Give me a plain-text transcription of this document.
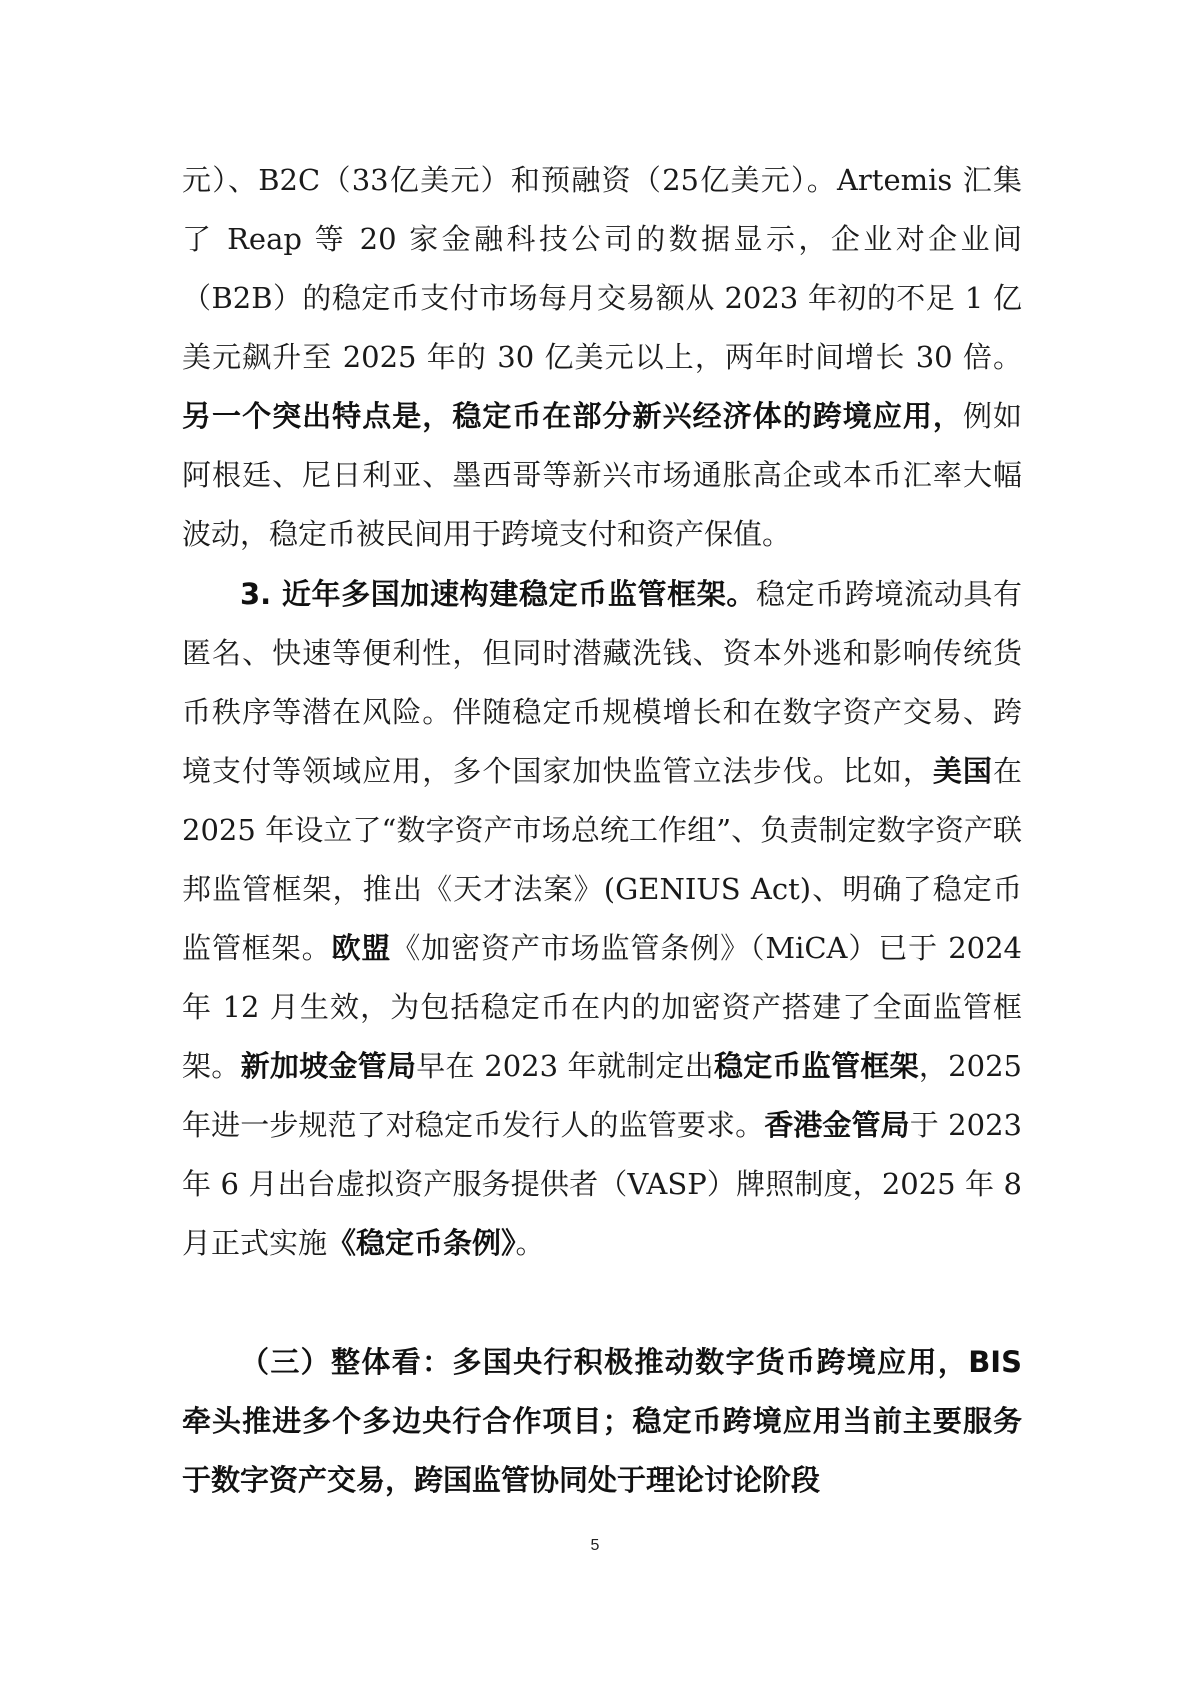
元）、B2C（33亿美元）和预融资（25亿美元）。Artemis 汇集了 Reap 等 20 家金融科技公司的数据显示，企业对企业间（B2B）的稳定币支付市场每月交易额从 2023 年初的不足 1 亿美元飙升至 2025 年的 30 亿美元以上，两年时间增长 30 倍。另一个突出特点是，稳定币在部分新兴经济体的跨境应用，例如阿根廷、尼日利亚、墨西哥等新兴市场通胀高企或本币汇率大幅波动，稳定币被民间用于跨境支付和资产保值。

3. 近年多国加速构建稳定币监管框架。稳定币跨境流动具有匿名、快速等便利性，但同时潜藏洗钱、资本外逃和影响传统货币秩序等潜在风险。伴随稳定币规模增长和在数字资产交易、跨境支付等领域应用，多个国家加快监管立法步伐。比如，美国在 2025 年设立了“数字资产市场总统工作组”、负责制定数字资产联邦监管框架，推出《天才法案》(GENIUS Act)、明确了稳定币监管框架。欧盟《加密资产市场监管条例》（MiCA）已于 2024 年 12 月生效，为包括稳定币在内的加密资产搭建了全面监管框架。新加坡金管局早在 2023 年就制定出稳定币监管框架，2025 年进一步规范了对稳定币发行人的监管要求。香港金管局于 2023 年 6 月出台虚拟资产服务提供者（VASP）牌照制度，2025 年 8 月正式实施《稳定币条例》。

（三）整体看：多国央行积极推动数字货币跨境应用，BIS 牵头推进多个多边央行合作项目；稳定币跨境应用当前主要服务于数字资产交易，跨国监管协同处于理论讨论阶段

5
